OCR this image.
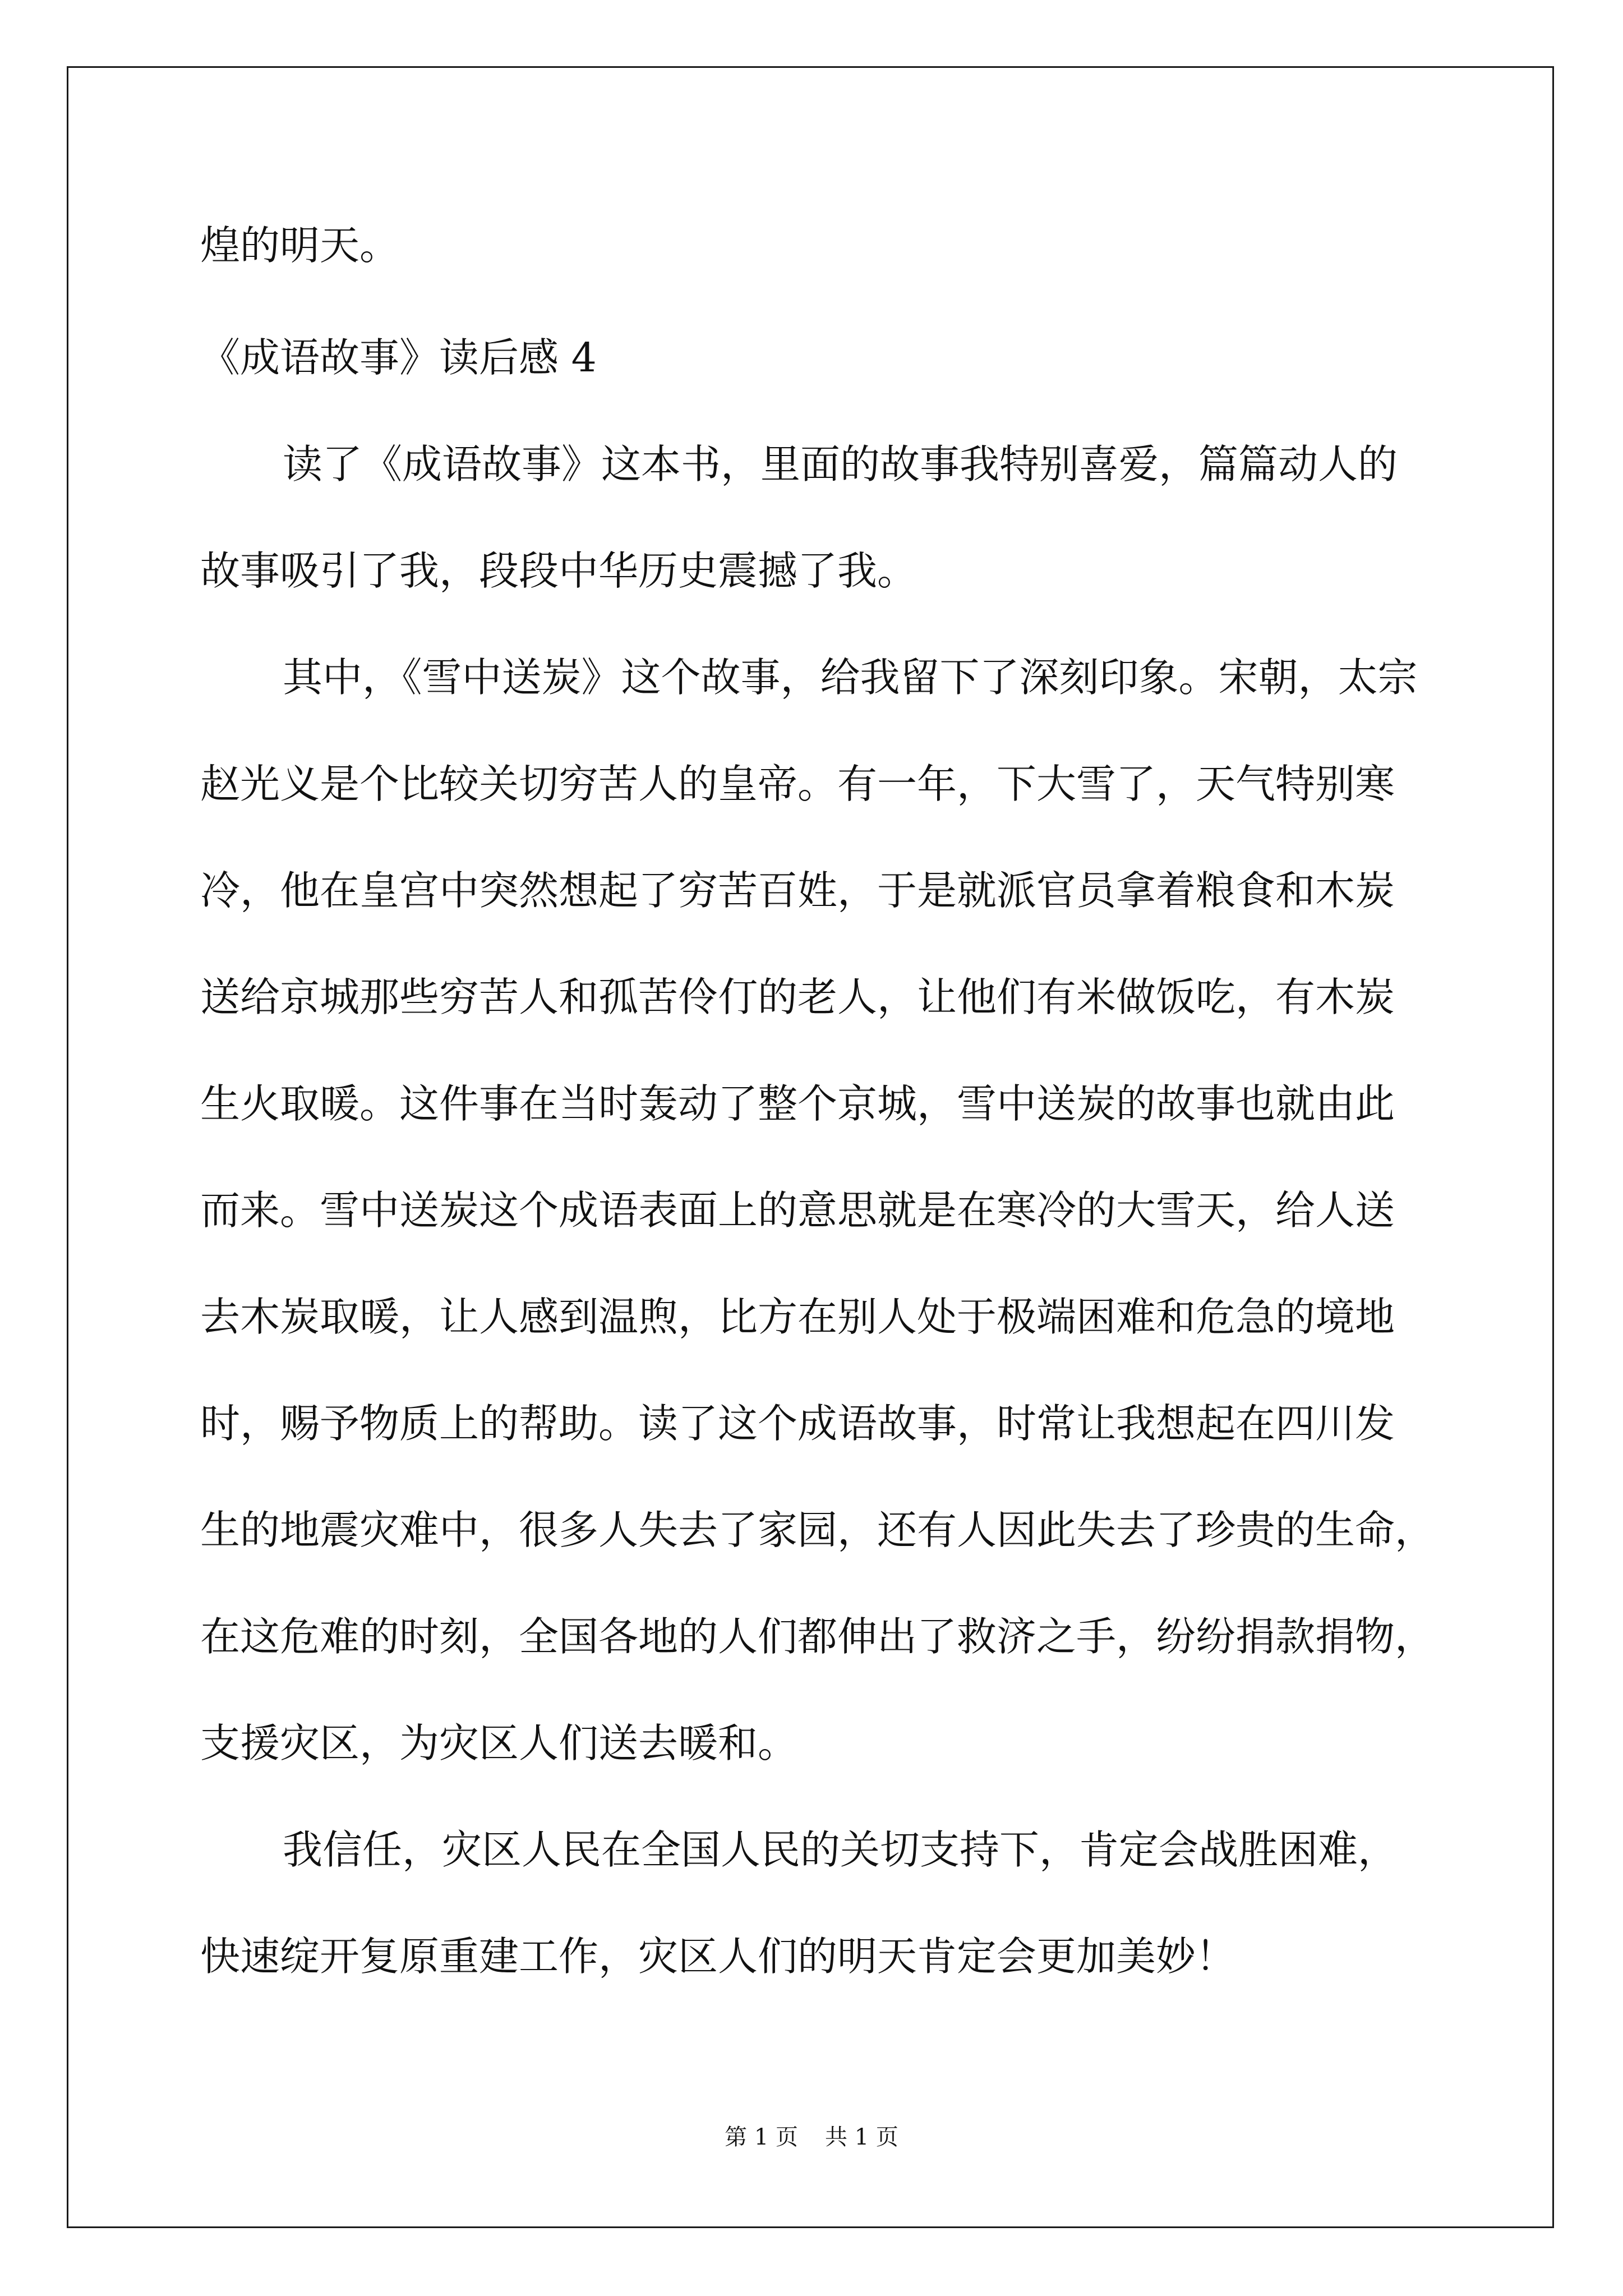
煌的明天。
《成语故事》读后感 4
读了《成语故事》这本书，里面的故事我特别喜爱，篇篇动人的
故事吸引了我，段段中华历史震撼了我。
其中，《雪中送炭》这个故事，给我留下了深刻印象。宋朝，太宗
赵光义是个比较关切穷苦人的皇帝。有一年，下大雪了，天气特别寒
冷，他在皇宫中突然想起了穷苦百姓，于是就派官员拿着粮食和木炭
送给京城那些穷苦人和孤苦伶仃的老人，让他们有米做饭吃，有木炭
生火取暖。这件事在当时轰动了整个京城，雪中送炭的故事也就由此
而来。雪中送炭这个成语表面上的意思就是在寒冷的大雪天，给人送
去木炭取暖，让人感到温煦，比方在别人处于极端困难和危急的境地
时，赐予物质上的帮助。读了这个成语故事，时常让我想起在四川发
生的地震灾难中，很多人失去了家园，还有人因此失去了珍贵的生命，
在这危难的时刻，全国各地的人们都伸出了救济之手，纷纷捐款捐物，
支援灾区，为灾区人们送去暖和。
我信任，灾区人民在全国人民的关切支持下，肯定会战胜困难，
快速绽开复原重建工作，灾区人们的明天肯定会更加美妙！
第 1 页 共 1 页
